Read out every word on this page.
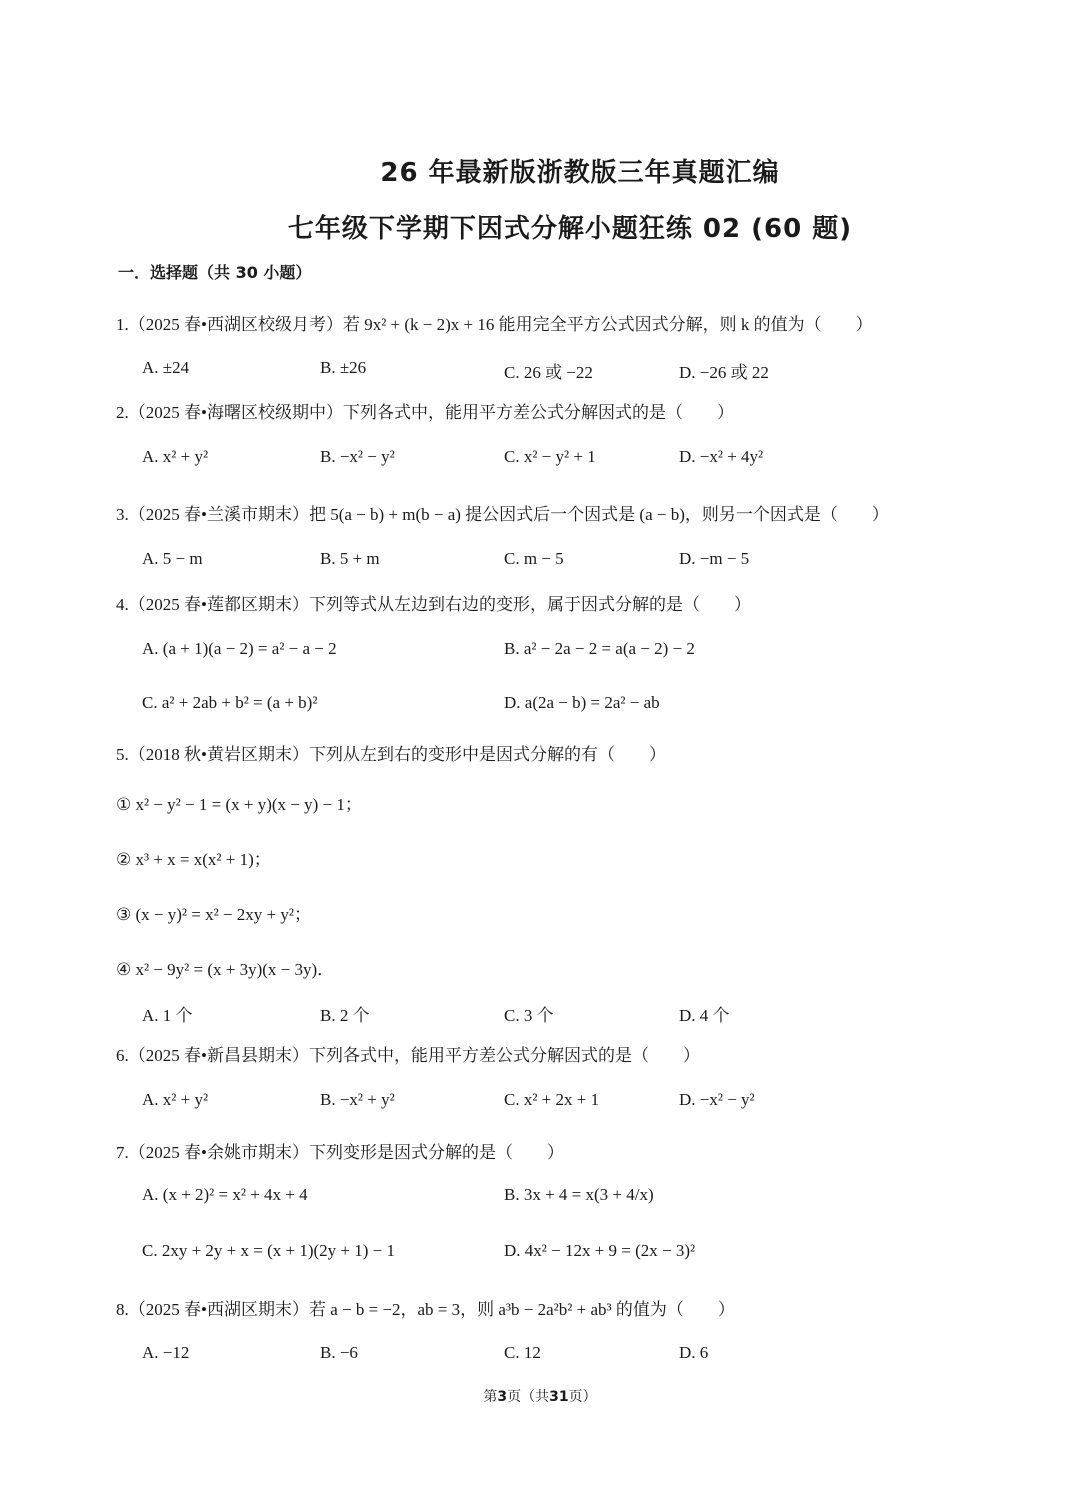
26 年最新版浙教版三年真题汇编
七年级下学期下因式分解小题狂练 02 (60 题)
一．选择题（共 30 小题）
1.（2025 春•西湖区校级月考）若 9x² + (k − 2)x + 16 能用完全平方公式因式分解，则 k 的值为（　　）
A. ±24	B. ±26	C. 26 或 −22	D. −26 或 22
2.（2025 春•海曙区校级期中）下列各式中，能用平方差公式分解因式的是（　　）
A. x² + y²	B. −x² − y²	C. x² − y² + 1	D. −x² + 4y²
3.（2025 春•兰溪市期末）把 5(a − b) + m(b − a) 提公因式后一个因式是 (a − b)，则另一个因式是（　　）
A. 5 − m	B. 5 + m	C. m − 5	D. −m − 5
4.（2025 春•莲都区期末）下列等式从左边到右边的变形，属于因式分解的是（　　）
A. (a + 1)(a − 2) = a² − a − 2	B. a² − 2a − 2 = a(a − 2) − 2
C. a² + 2ab + b² = (a + b)²	D. a(2a − b) = 2a² − ab
5.（2018 秋•黄岩区期末）下列从左到右的变形中是因式分解的有（　　）
① x² − y² − 1 = (x + y)(x − y) − 1；
② x³ + x = x(x² + 1)；
③ (x − y)² = x² − 2xy + y²；
④ x² − 9y² = (x + 3y)(x − 3y)．
A. 1 个	B. 2 个	C. 3 个	D. 4 个
6.（2025 春•新昌县期末）下列各式中，能用平方差公式分解因式的是（　　）
A. x² + y²	B. −x² + y²	C. x² + 2x + 1	D. −x² − y²
7.（2025 春•余姚市期末）下列变形是因式分解的是（　　）
A. (x + 2)² = x² + 4x + 4	B. 3x + 4 = x(3 + 4/x)
C. 2xy + 2y + x = (x + 1)(2y + 1) − 1	D. 4x² − 12x + 9 = (2x − 3)²
8.（2025 春•西湖区期末）若 a − b = −2，ab = 3，则 a³b − 2a²b² + ab³ 的值为（　　）
A. −12	B. −6	C. 12	D. 6
第3页（共31页）
